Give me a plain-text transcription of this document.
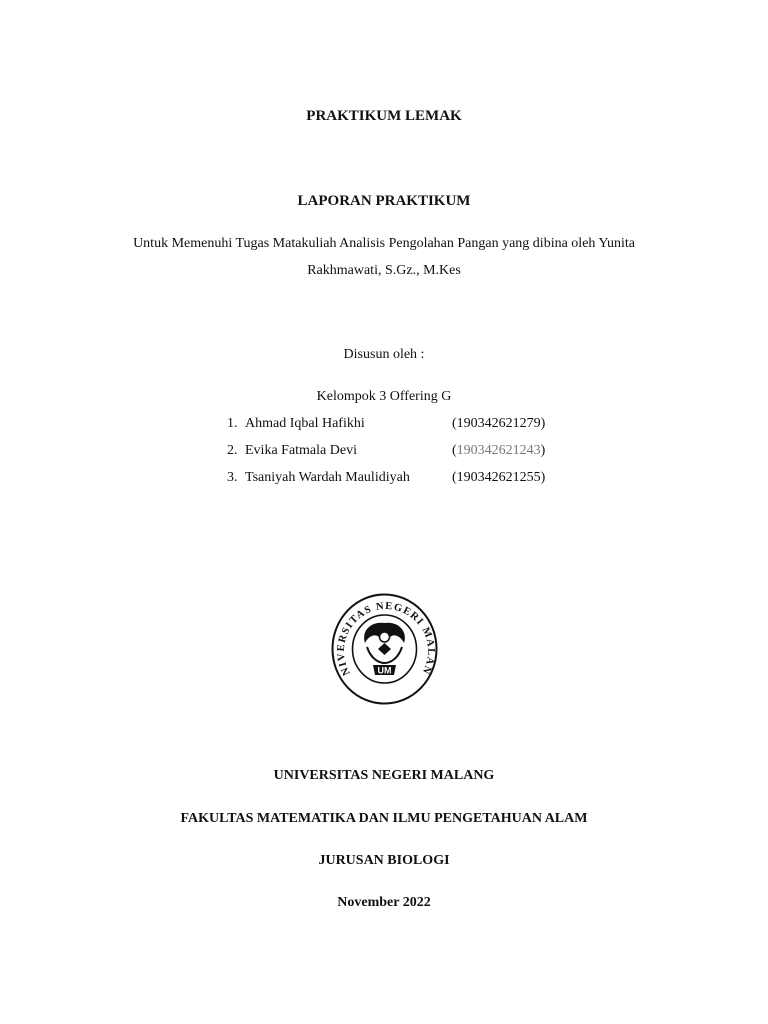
PRAKTIKUM LEMAK
LAPORAN PRAKTIKUM
Untuk Memenuhi Tugas Matakuliah Analisis Pengolahan Pangan yang dibina oleh Yunita
Rakhmawati, S.Gz., M.Kes
Disusun oleh :
Kelompok 3 Offering G
1. Ahmad Iqbal Hafikhi	(190342621279)
2. Evika Fatmala Devi	(190342621243)
3. Tsaniyah Wardah Maulidiyah	(190342621255)
NIVERSITAS NEGERI MALAN
UM
UNIVERSITAS NEGERI MALANG
FAKULTAS MATEMATIKA DAN ILMU PENGETAHUAN ALAM
JURUSAN BIOLOGI
November 2022
